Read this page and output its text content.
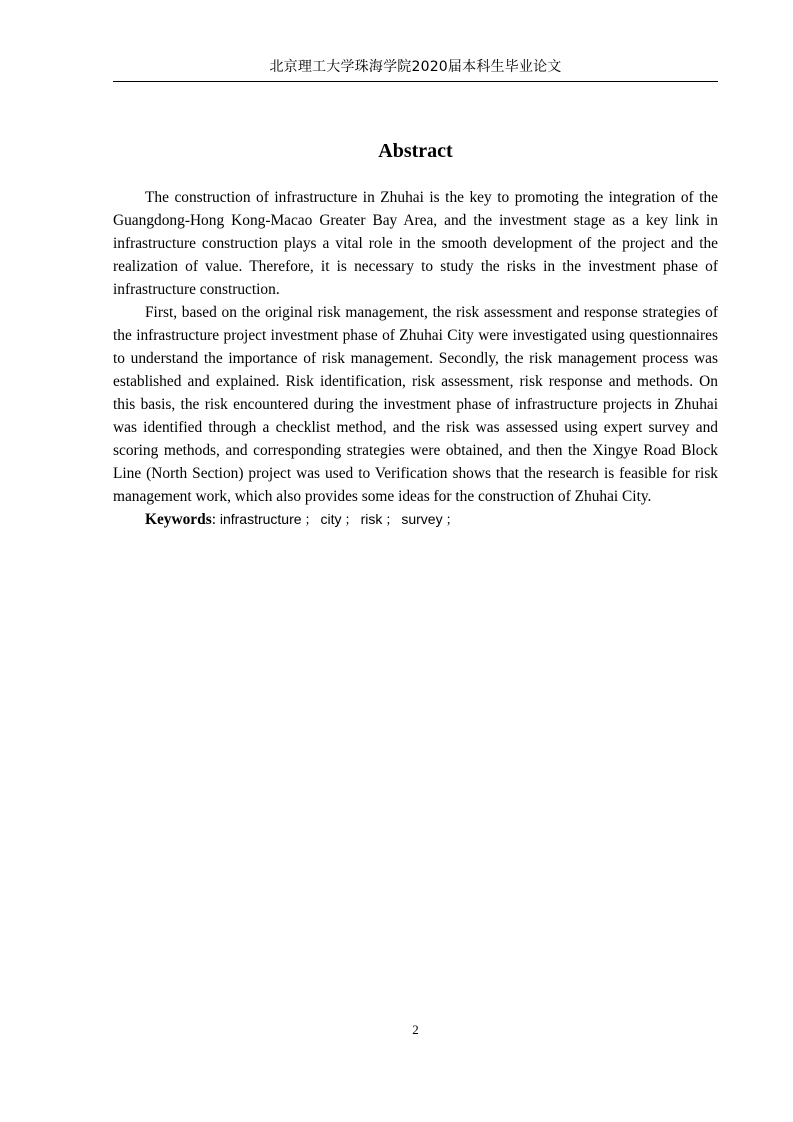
北京理工大学珠海学院2020届本科生毕业论文
Abstract

The construction of infrastructure in Zhuhai is the key to promoting the integration of the Guangdong-Hong Kong-Macao Greater Bay Area, and the investment stage as a key link in infrastructure construction plays a vital role in the smooth development of the project and the realization of value. Therefore, it is necessary to study the risks in the investment phase of infrastructure construction.

First, based on the original risk management, the risk assessment and response strategies of the infrastructure project investment phase of Zhuhai City were investigated using questionnaires to understand the importance of risk management. Secondly, the risk management process was established and explained. Risk identification, risk assessment, risk response and methods. On this basis, the risk encountered during the investment phase of infrastructure projects in Zhuhai was identified through a checklist method, and the risk was assessed using expert survey and scoring methods, and corresponding strategies were obtained, and then the Xingye Road Block Line (North Section) project was used to Verification shows that the research is feasible for risk management work, which also provides some ideas for the construction of Zhuhai City.

Keywords: infrastructure ； city ； risk ； survey ；
2
